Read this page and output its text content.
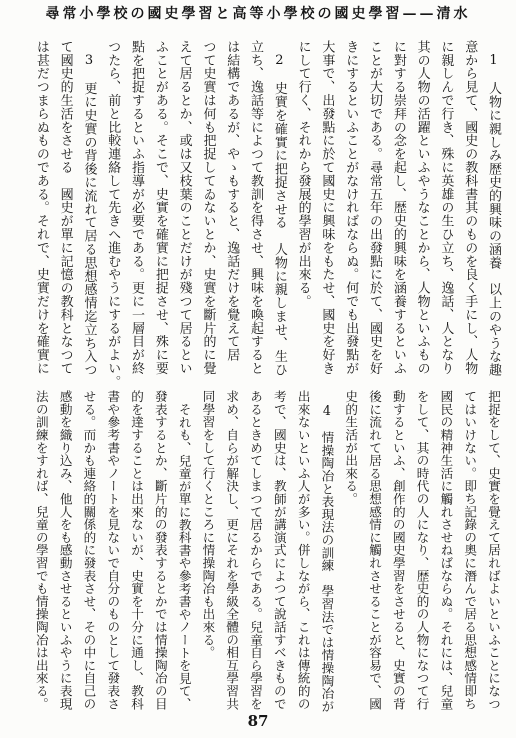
尋常小學校の國史學習と高等小學校の國史學習——清水
1　人物に親しみ歴史的興味の涵養　以上のやうな趣
意から見て、國史の教科書其のものを良く手にし、人物
に親しんで行き、殊に英雄の生ひ立ち、逸話、人となり
其の人物の活躍といふやうなことから、人物といふもの
に對する崇拜の念を起し、歴史的興味を涵養するといふ
ことが大切である。尋常五年の出發點に於て、國史を好
きにするといふことがなければならぬ。何でも出發點が
大事で、出發點に於て國史に興味をもたせ、國史を好き
にして行く、それから發展的學習が出來る。
2　史實を確實に把捉させる　人物に親しませ、生ひ
立ち、逸話等によつて教訓を得させ、興味を喚起すると
は結構であるが、やゝもすると、逸話だけを覺えて居
つて史實は何も把捉してゐないとか、史實を斷片的に覺
えて居るとか、或は又枝葉のことだけが殘つて居るとい
ふことがある。そこで、史實を確實に把捉させ、殊に要
點を把捉するといふ指導が必要である。更に一層目が終
つたら、前と比較連絡して先きへ進むやうにするがよい。
3　更に史實の背後に流れて居る思想感情迄立ち入つ
て國史的生活をさせる　國史が單に記憶の教科となつて
は甚だつまらぬものである。それで、史實だけを確實に
把捉をして、史實を覺えて居ればよいといふことになつ
てはいけない。即ち記錄の奧に潛んで居る思想感情即ち
國民の精神生活に觸れさせねばならぬ。それには、兒童
をして、其の時代の人になり、歴史的の人物になつて行
動するといふ、創作的の國史學習をさせると、史實の背
後に流れて居る思想感情に觸れさせることが容易で、國
史的生活が出來る。
4　情操陶冶と表現法の訓練　學習法では情操陶冶が
出來ないといふ人が多い。併しながら、これは傳統的の
考で、國史は、教師が講演式によつて說話すべきもので
あるときめてしまつて居るからである。兒童自ら學習を
求め、自らが解決し、更にそれを學級全體の相互學習共
同學習をして行くところに情操陶冶も出來る。
それも、兒童が單に教科書や參考書やノートを見て、
發表するとか、斷片的の發表するとかでは情操陶冶の目
的を達することは出來ないが、史實を十分に通し、教科
書や參考書やノートを見ないで自分のものとして發表さ
せる。而かも連絡的關係的に發表させ、その中に自己の
感動を織り込み、他人をも感動させるといふやうに表現
法の訓練をすれば、兒童の學習でも情操陶冶は出來る。
87
